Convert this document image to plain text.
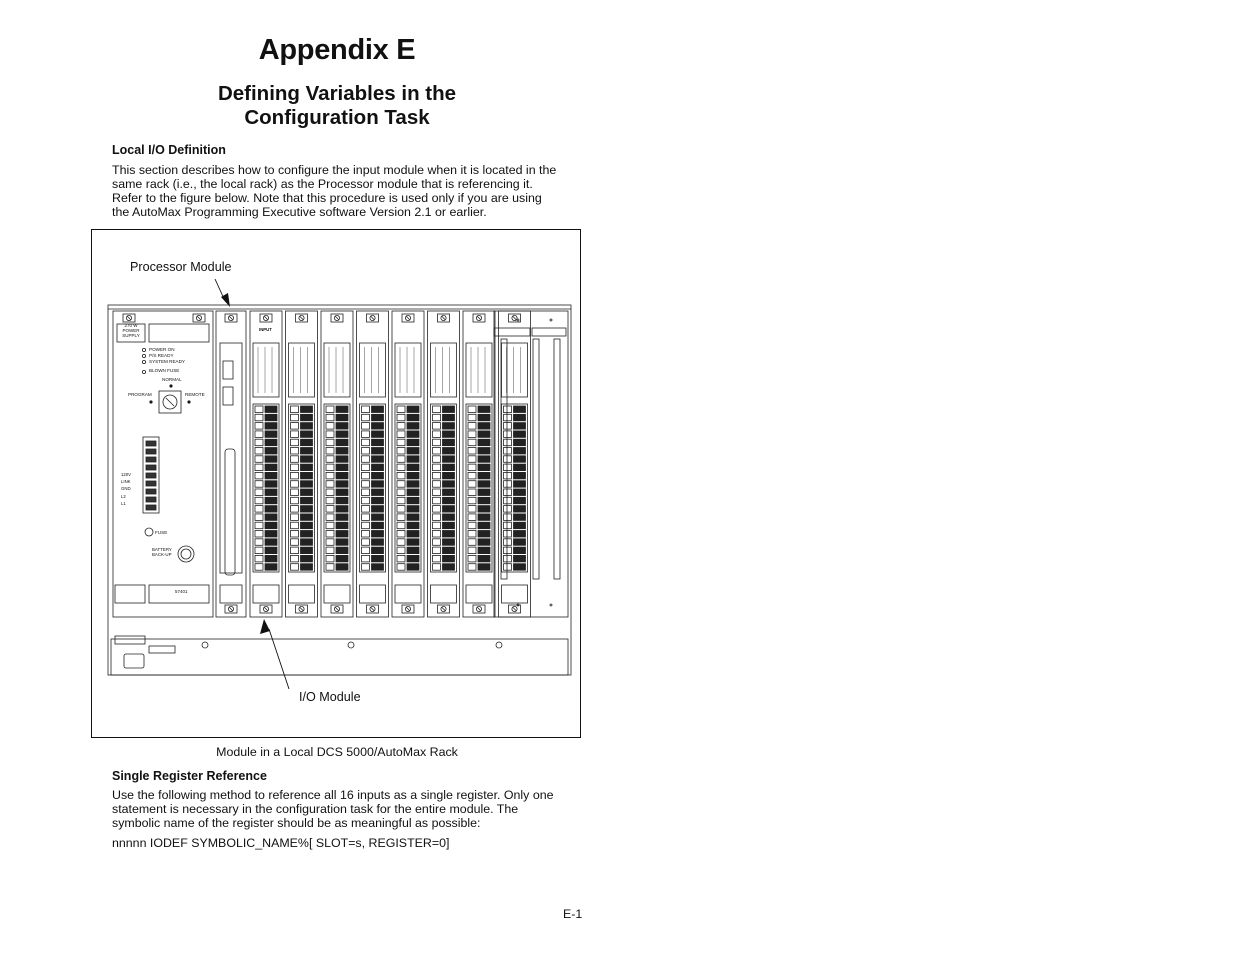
Appendix E
Defining Variables in the
Configuration Task
Local I/O Definition
This section describes how to configure the input module when it is located in the
same rack (i.e., the local rack) as the Processor module that is referencing it.
Refer to the figure below. Note that this procedure is used only if you are using
the AutoMax Programming Executive software Version 2.1 or earlier.
Processor Module
I/O Module
270 W
POWER
SUPPLY
POWER ON
P/S READY
SYSTEM READY
BLOWN FUSE
NORMAL
PROGRAM	REMOTE
120V
LINK
GND
L2
L1
FUSE
BATTERY
BACK-UP
57401
INPUT
Module in a Local DCS 5000/AutoMax Rack
Single Register Reference
Use the following method to reference all 16 inputs as a single register. Only one
statement is necessary in the configuration task for the entire module. The
symbolic name of the register should be as meaningful as possible:
nnnnn IODEF SYMBOLIC_NAME%[ SLOT=s, REGISTER=0]
E-1
